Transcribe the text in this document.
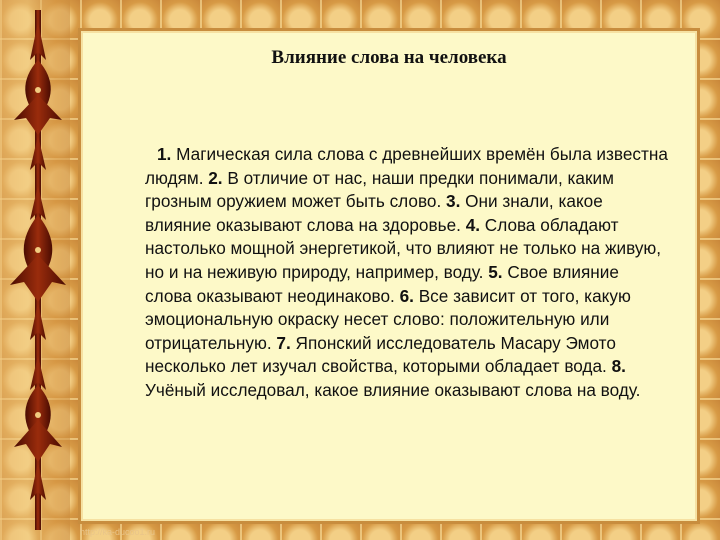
Влияние слова на человека
1. Магическая сила слова с древнейших времён была известна людям. 2. В отличие от нас, наши предки понимали, каким грозным оружием может быть слово. 3. Они знали, какое влияние оказывают слова на здоровье. 4. Слова обладают настолько мощной энергетикой, что влияют не только на живую, но и на неживую природу, например, воду. 5. Свое влияние слова оказывают неодинаково. 6. Все зависит от того, какую эмоциональную окраску несет слово: положительную или отрицательную. 7. Японский исследователь Масару Эмото несколько лет изучал свойства, которыми обладает вода. 8. Учёный исследовал, какое влияние оказывают слова на воду.
http://ka-ducoo1.ru
